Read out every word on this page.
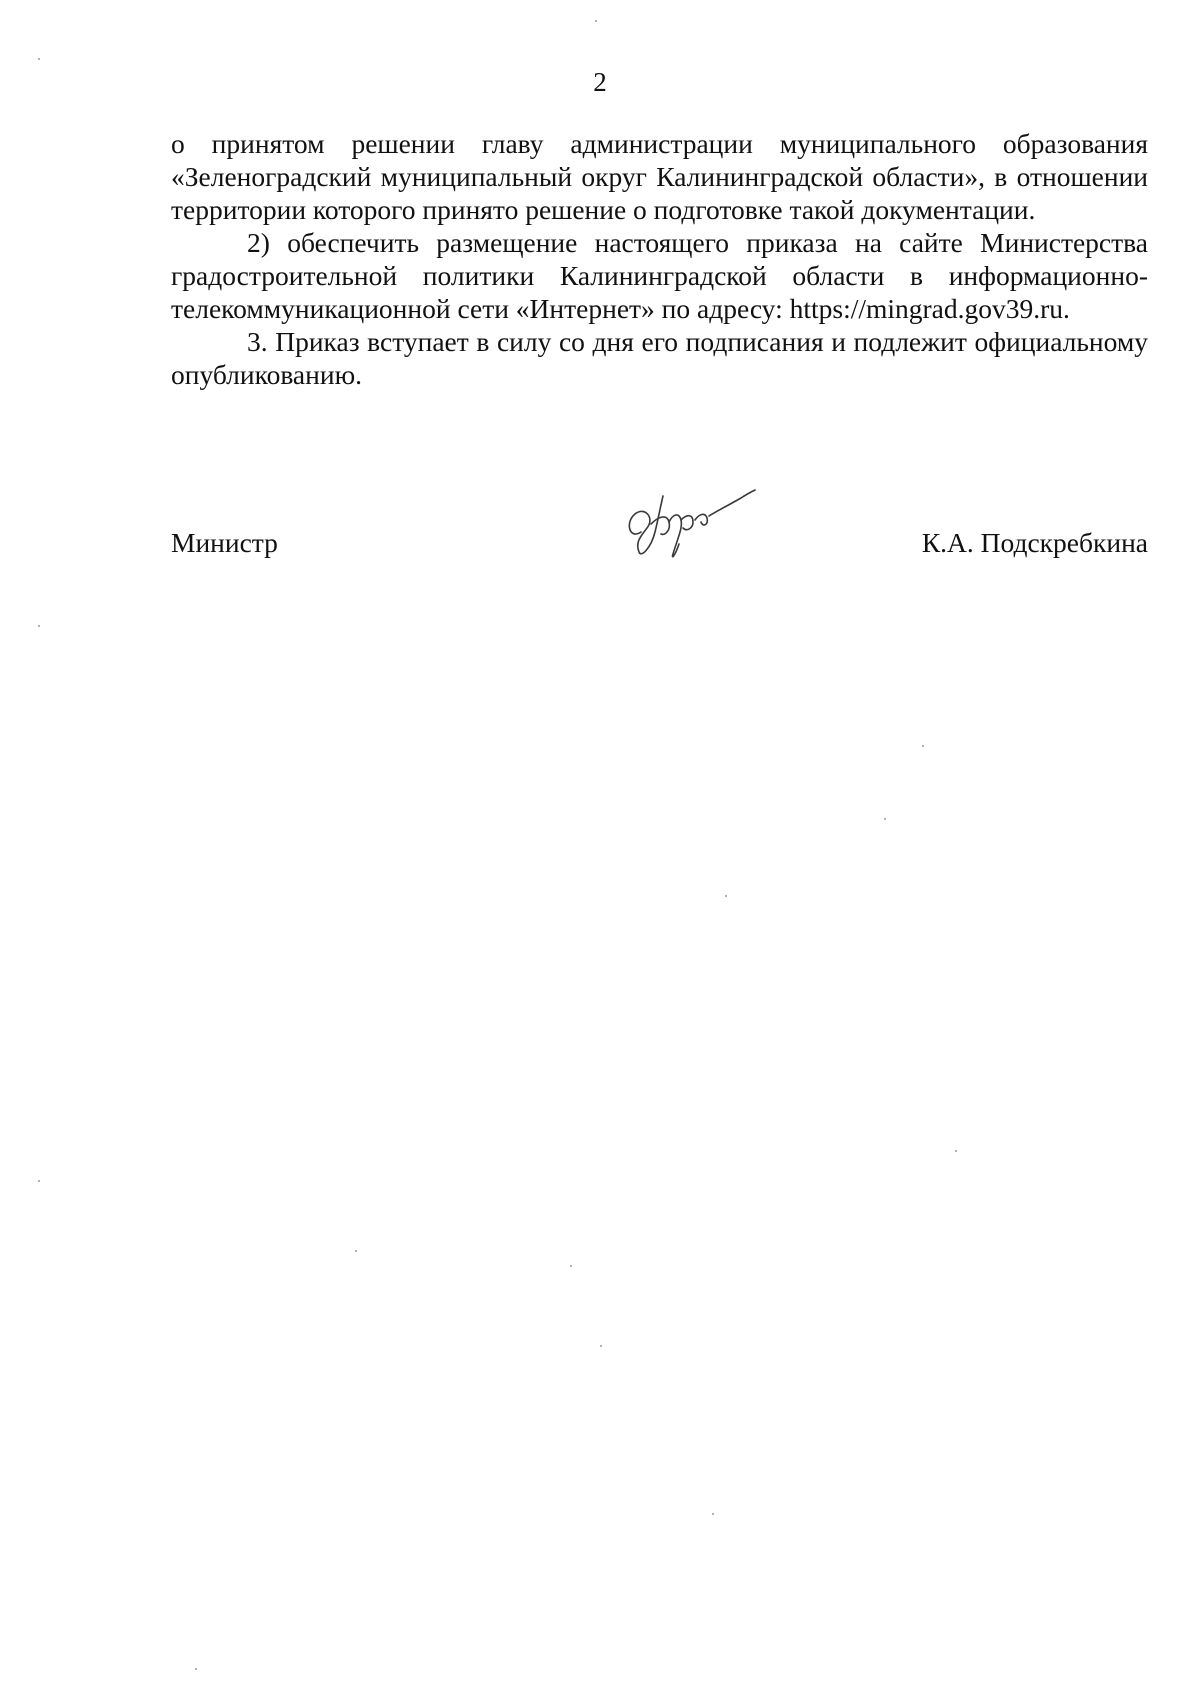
2

о принятом решении главу администрации муниципального образования «Зеленоградский муниципальный округ Калининградской области», в отношении территории которого принято решение о подготовке такой документации.

2) обеспечить размещение настоящего приказа на сайте Министерства градостроительной политики Калининградской области в информационно-телекоммуникационной сети «Интернет» по адресу: https://mingrad.gov39.ru.

3. Приказ вступает в силу со дня его подписания и подлежит официальному опубликованию.

Министр	К.А. Подскребкина
